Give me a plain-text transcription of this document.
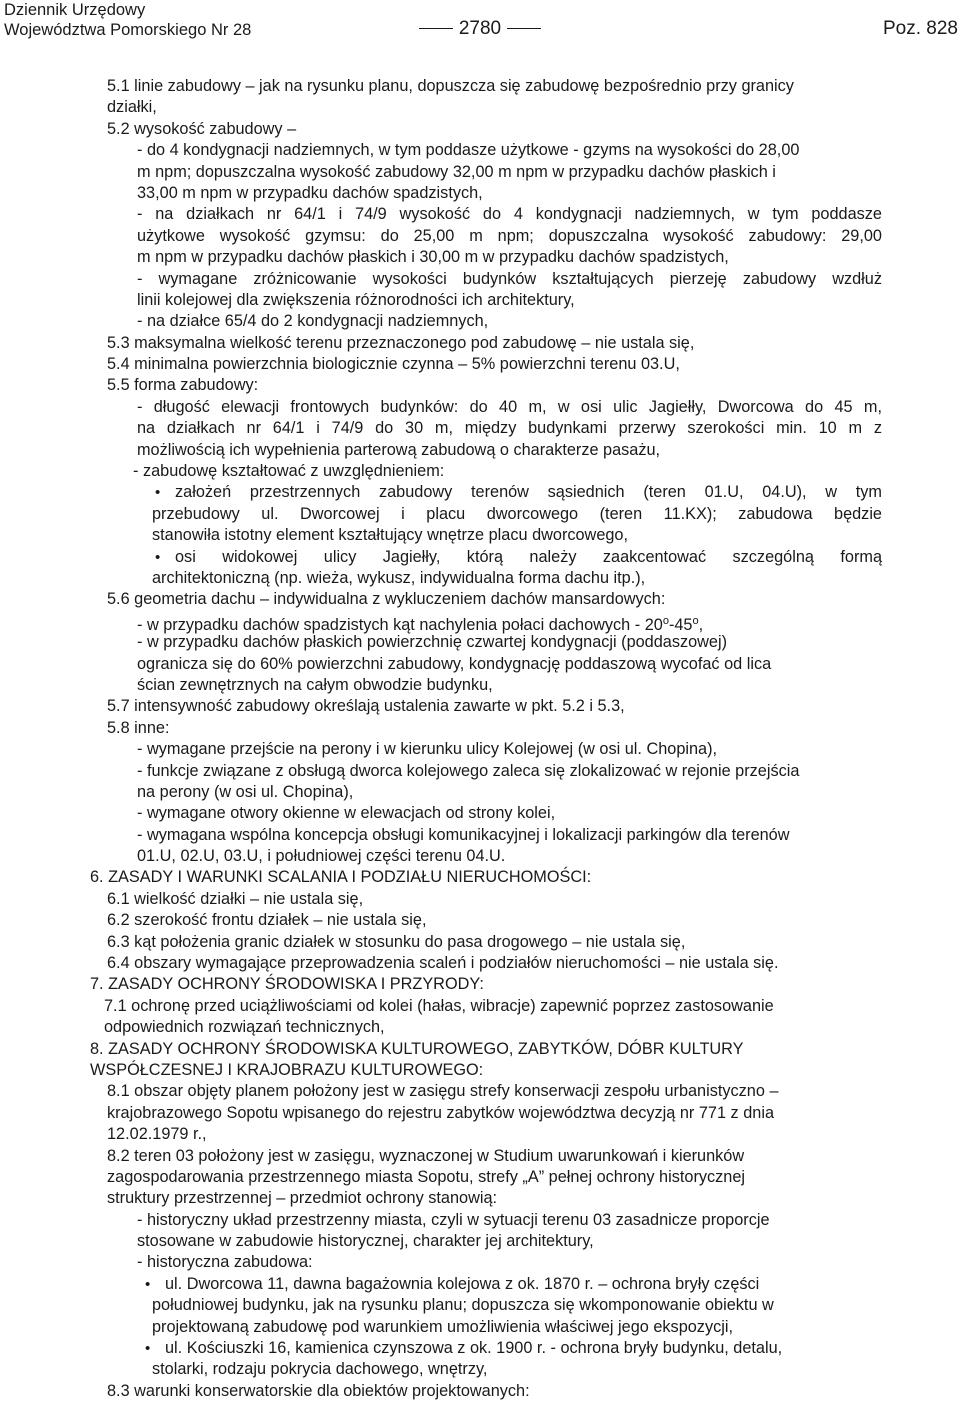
Dziennik Urzędowy
Województwa Pomorskiego Nr 28	2780	Poz. 828
5.1 linie zabudowy – jak na rysunku planu, dopuszcza się zabudowę bezpośrednio przy granicy
działki,
5.2 wysokość zabudowy –
- do 4 kondygnacji nadziemnych, w tym poddasze użytkowe - gzyms na wysokości do 28,00
m npm; dopuszczalna wysokość zabudowy 32,00 m npm w przypadku dachów płaskich i
33,00 m npm w przypadku dachów spadzistych,
- na działkach nr 64/1 i 74/9 wysokość do 4 kondygnacji nadziemnych, w tym poddasze
użytkowe wysokość gzymsu: do 25,00 m npm; dopuszczalna wysokość zabudowy: 29,00
m npm w przypadku dachów płaskich i 30,00 m w przypadku dachów spadzistych,
- wymagane zróżnicowanie wysokości budynków kształtujących pierzeję zabudowy wzdłuż
linii kolejowej dla zwiększenia różnorodności ich architektury,
- na działce 65/4 do 2 kondygnacji nadziemnych,
5.3 maksymalna wielkość terenu przeznaczonego pod zabudowę – nie ustala się,
5.4 minimalna powierzchnia biologicznie czynna – 5% powierzchni terenu 03.U,
5.5 forma zabudowy:
- długość elewacji frontowych budynków: do 40 m, w osi ulic Jagiełły, Dworcowa do 45 m,
na działkach nr 64/1 i 74/9 do 30 m, między budynkami przerwy szerokości min. 10 m z
możliwością ich wypełnienia parterową zabudową o charakterze pasażu,
- zabudowę kształtować z uwzględnieniem:
• założeń przestrzennych zabudowy terenów sąsiednich (teren 01.U, 04.U), w tym
przebudowy ul. Dworcowej i placu dworcowego (teren 11.KX); zabudowa będzie
stanowiła istotny element kształtujący wnętrze placu dworcowego,
• osi widokowej ulicy Jagiełły, którą należy zaakcentować szczególną formą
architektoniczną (np. wieża, wykusz, indywidualna forma dachu itp.),
5.6 geometria dachu – indywidualna z wykluczeniem dachów mansardowych:
- w przypadku dachów spadzistych kąt nachylenia połaci dachowych - 20$^o$-45$^o$,
- w przypadku dachów płaskich powierzchnię czwartej kondygnacji (poddaszowej)
ogranicza się do 60% powierzchni zabudowy, kondygnację poddaszową wycofać od lica
ścian zewnętrznych na całym obwodzie budynku,
5.7 intensywność zabudowy określają ustalenia zawarte w pkt. 5.2 i 5.3,
5.8 inne:
- wymagane przejście na perony i w kierunku ulicy Kolejowej (w osi ul. Chopina),
- funkcje związane z obsługą dworca kolejowego zaleca się zlokalizować w rejonie przejścia
na perony (w osi ul. Chopina),
- wymagane otwory okienne w elewacjach od strony kolei,
- wymagana wspólna koncepcja obsługi komunikacyjnej i lokalizacji parkingów dla terenów
01.U, 02.U, 03.U, i południowej części terenu 04.U.
6. ZASADY I WARUNKI SCALANIA I PODZIAŁU NIERUCHOMOŚCI:
6.1 wielkość działki – nie ustala się,
6.2 szerokość frontu działek – nie ustala się,
6.3 kąt położenia granic działek w stosunku do pasa drogowego – nie ustala się,
6.4 obszary wymagające przeprowadzenia scaleń i podziałów nieruchomości – nie ustala się.
7. ZASADY OCHRONY ŚRODOWISKA I PRZYRODY:
7.1 ochronę przed uciążliwościami od kolei (hałas, wibracje) zapewnić poprzez zastosowanie
odpowiednich rozwiązań technicznych,
8. ZASADY OCHRONY ŚRODOWISKA KULTUROWEGO, ZABYTKÓW, DÓBR KULTURY
WSPÓŁCZESNEJ I KRAJOBRAZU KULTUROWEGO:
8.1 obszar objęty planem położony jest w zasięgu strefy konserwacji zespołu urbanistyczno –
krajobrazowego Sopotu wpisanego do rejestru zabytków województwa decyzją nr 771 z dnia
12.02.1979 r.,
8.2 teren 03 położony jest w zasięgu, wyznaczonej w Studium uwarunkowań i kierunków
zagospodarowania przestrzennego miasta Sopotu, strefy „A” pełnej ochrony historycznej
struktury przestrzennej – przedmiot ochrony stanowią:
- historyczny układ przestrzenny miasta, czyli w sytuacji terenu 03 zasadnicze proporcje
stosowane w zabudowie historycznej, charakter jej architektury,
- historyczna zabudowa:
• ul. Dworcowa 11, dawna bagażownia kolejowa z ok. 1870 r. – ochrona bryły części
południowej budynku, jak na rysunku planu; dopuszcza się wkomponowanie obiektu w
projektowaną zabudowę pod warunkiem umożliwienia właściwej jego ekspozycji,
• ul. Kościuszki 16, kamienica czynszowa z ok. 1900 r. - ochrona bryły budynku, detalu,
stolarki, rodzaju pokrycia dachowego, wnętrzy,
8.3 warunki konserwatorskie dla obiektów projektowanych:
